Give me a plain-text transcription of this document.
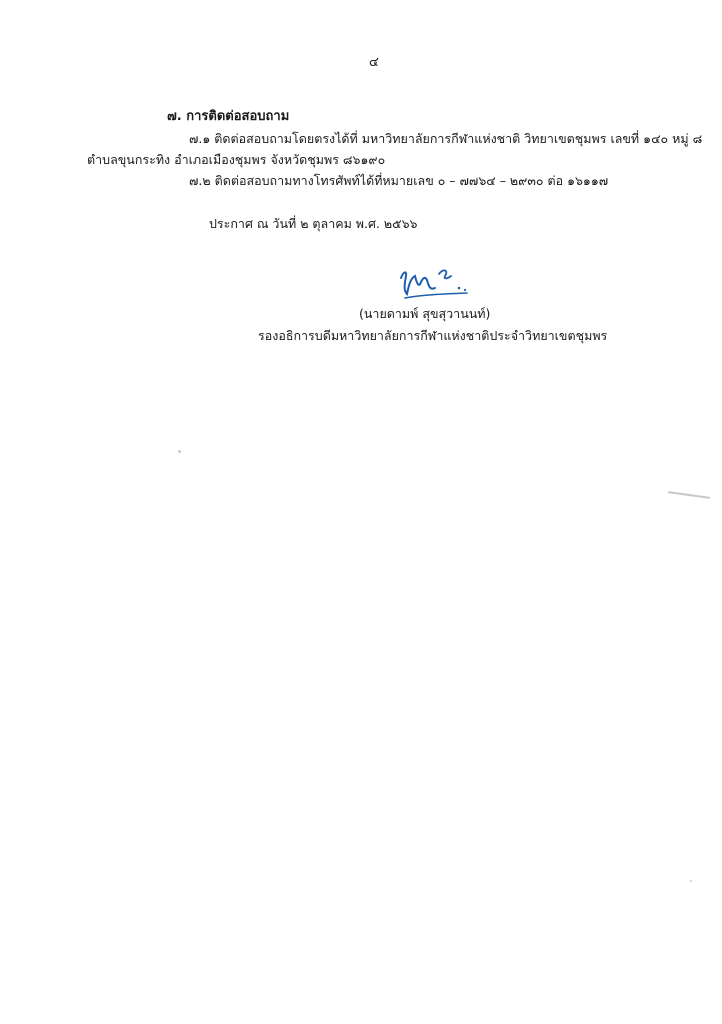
๔
๗. การติดต่อสอบถาม
๗.๑ ติดต่อสอบถามโดยตรงได้ที่ มหาวิทยาลัยการกีฬาแห่งชาติ วิทยาเขตชุมพร เลขที่ ๑๔๐ หมู่ ๘
ตำบลขุนกระทิง อำเภอเมืองชุมพร จังหวัดชุมพร ๘๖๑๙๐
๗.๒ ติดต่อสอบถามทางโทรศัพท์ได้ที่หมายเลข ๐ – ๗๗๖๔ – ๒๙๓๐ ต่อ ๑๖๑๑๗
ประกาศ ณ วันที่ ๒ ตุลาคม พ.ศ. ๒๕๖๖
(นายดามพ์ สุขสุวานนท์)
รองอธิการบดีมหาวิทยาลัยการกีฬาแห่งชาติประจำวิทยาเขตชุมพร
